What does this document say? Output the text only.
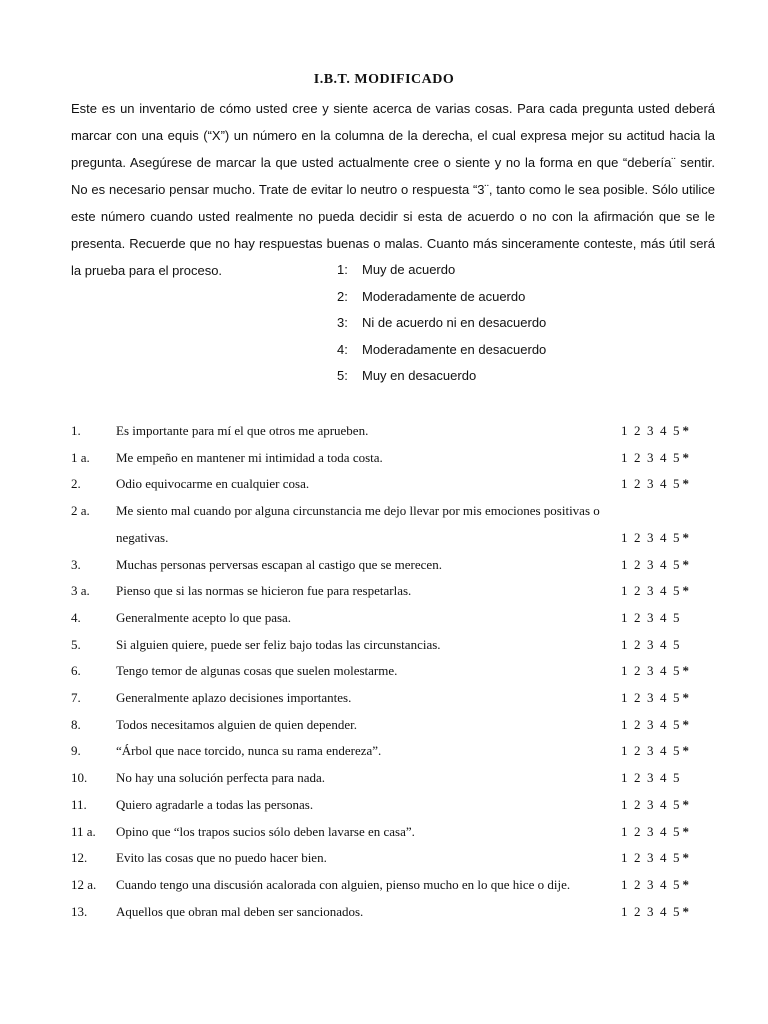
I.B.T. MODIFICADO

Este es un inventario de cómo usted cree y siente acerca de varias cosas. Para cada pregunta usted deberá marcar con una equis (“X”) un número en la columna de la derecha, el cual expresa mejor su actitud hacia la pregunta. Asegúrese de marcar la que usted actualmente cree o siente y no la forma en que “debería¨ sentir. No es necesario pensar mucho. Trate de evitar lo neutro o respuesta “3¨, tanto como le sea posible. Sólo utilice este número cuando usted realmente no pueda decidir si esta de acuerdo o no con la afirmación que se le presenta. Recuerde que no hay respuestas buenas o malas. Cuanto más sinceramente conteste, más útil será la prueba para el proceso.	1:	Muy de acuerdo
2:	Moderadamente de acuerdo
3:	Ni de acuerdo ni en desacuerdo
4:	Moderadamente en desacuerdo
5:	Muy en desacuerdo
1.	Es importante para mí el que otros me aprueben.	1  2  3  4  5 *
1 a.	Me empeño en mantener mi intimidad a toda costa.	1  2  3  4  5 *
2.	Odio equivocarme en cualquier cosa.	1  2  3  4  5 *
2 a.	Me siento mal cuando por alguna circunstancia me dejo llevar por mis emociones positivas o negativas.	1  2  3  4  5 *
3.	Muchas personas perversas escapan al castigo que se merecen.	1  2  3  4  5 *
3 a.	Pienso que si las normas se hicieron fue para respetarlas.	1  2  3  4  5 *
4.	Generalmente acepto lo que pasa.	1  2  3  4  5
5.	Si alguien quiere, puede ser feliz bajo todas las circunstancias.	1  2  3  4  5
6.	Tengo temor de algunas cosas que suelen molestarme.	1  2  3  4  5 *
7.	Generalmente aplazo decisiones importantes.	1  2  3  4  5 *
8.	Todos necesitamos alguien de quien depender.	1  2  3  4  5 *
9.	“Árbol que nace torcido, nunca su rama endereza”.	1  2  3  4  5 *
10.	No hay una solución perfecta para nada.	1  2  3  4  5
11.	Quiero agradarle a todas las personas.	1  2  3  4  5 *
11 a.	Opino que “los trapos sucios sólo deben lavarse en casa”.	1  2  3  4  5 *
12.	Evito las cosas que no puedo hacer bien.	1  2  3  4  5 *
12 a.	Cuando tengo una discusión acalorada con alguien, pienso mucho en lo que hice o dije.	1  2  3  4  5 *
13.	Aquellos que obran mal deben ser sancionados.	1  2  3  4  5 *
